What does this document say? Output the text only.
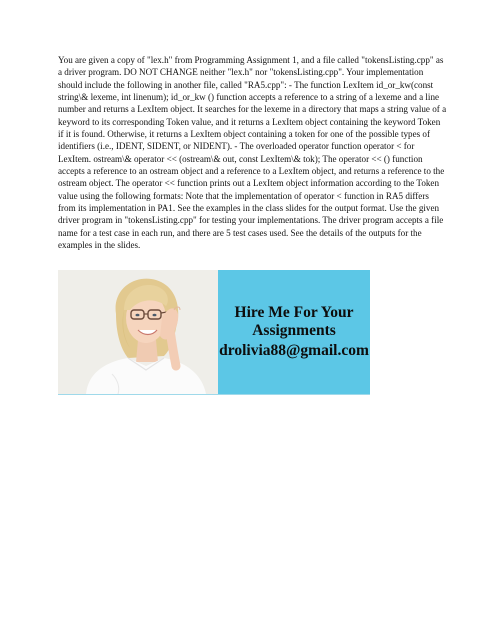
You are given a copy of "lex.h" from Programming Assignment 1, and a file called "tokensListing.cpp" as a driver program. DO NOT CHANGE neither "lex.h" nor "tokensListing.cpp". Your implementation should include the following in another file, called "RA5.cpp": - The function LexItem id_or_kw(const string\& lexeme, int linenum); id_or_kw () function accepts a reference to a string of a lexeme and a line number and returns a LexItem object. It searches for the lexeme in a directory that maps a string value of a keyword to its corresponding Token value, and it returns a LexItem object containing the keyword Token if it is found. Otherwise, it returns a LexItem object containing a token for one of the possible types of identifiers (i.e., IDENT, SIDENT, or NIDENT). - The overloaded operator function operator < for LexItem. ostream\& operator << (ostream\& out, const LexItem\& tok); The operator << () function accepts a reference to an ostream object and a reference to a LexItem object, and returns a reference to the ostream object. The operator << function prints out a LexItem object information according to the Token value using the following formats: Note that the implementation of operator < function in RA5 differs from its implementation in PA1. See the examples in the class slides for the output format. Use the given driver program in "tokensListing.cpp" for testing your implementations. The driver program accepts a file name for a test case in each run, and there are 5 test cases used. See the details of the outputs for the examples in the slides.

Hire Me For Your Assignments

drolivia88@gmail.com
